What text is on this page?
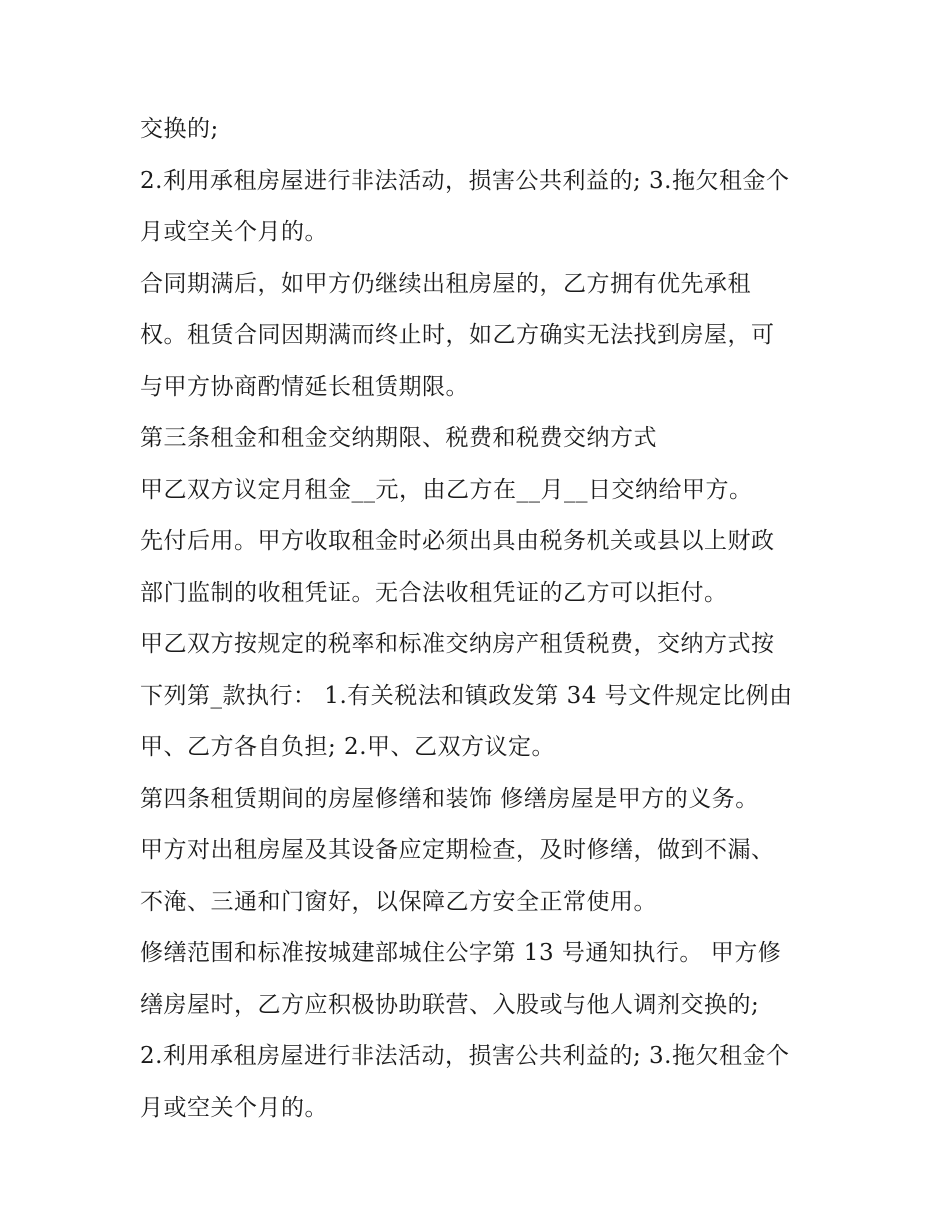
交换的;
2.利用承租房屋进行非法活动，损害公共利益的; 3.拖欠租金个
月或空关个月的。
合同期满后，如甲方仍继续出租房屋的，乙方拥有优先承租
权。租赁合同因期满而终止时，如乙方确实无法找到房屋，可
与甲方协商酌情延长租赁期限。
第三条租金和租金交纳期限、税费和税费交纳方式
甲乙双方议定月租金__元，由乙方在__月__日交纳给甲方。
先付后用。甲方收取租金时必须出具由税务机关或县以上财政
部门监制的收租凭证。无合法收租凭证的乙方可以拒付。
甲乙双方按规定的税率和标准交纳房产租赁税费，交纳方式按
下列第_款执行： 1.有关税法和镇政发第 34 号文件规定比例由
甲、乙方各自负担; 2.甲、乙双方议定。
第四条租赁期间的房屋修缮和装饰 修缮房屋是甲方的义务。
甲方对出租房屋及其设备应定期检查，及时修缮，做到不漏、
不淹、三通和门窗好，以保障乙方安全正常使用。
修缮范围和标准按城建部城住公字第 13 号通知执行。 甲方修
缮房屋时，乙方应积极协助联营、入股或与他人调剂交换的;
2.利用承租房屋进行非法活动，损害公共利益的; 3.拖欠租金个
月或空关个月的。
